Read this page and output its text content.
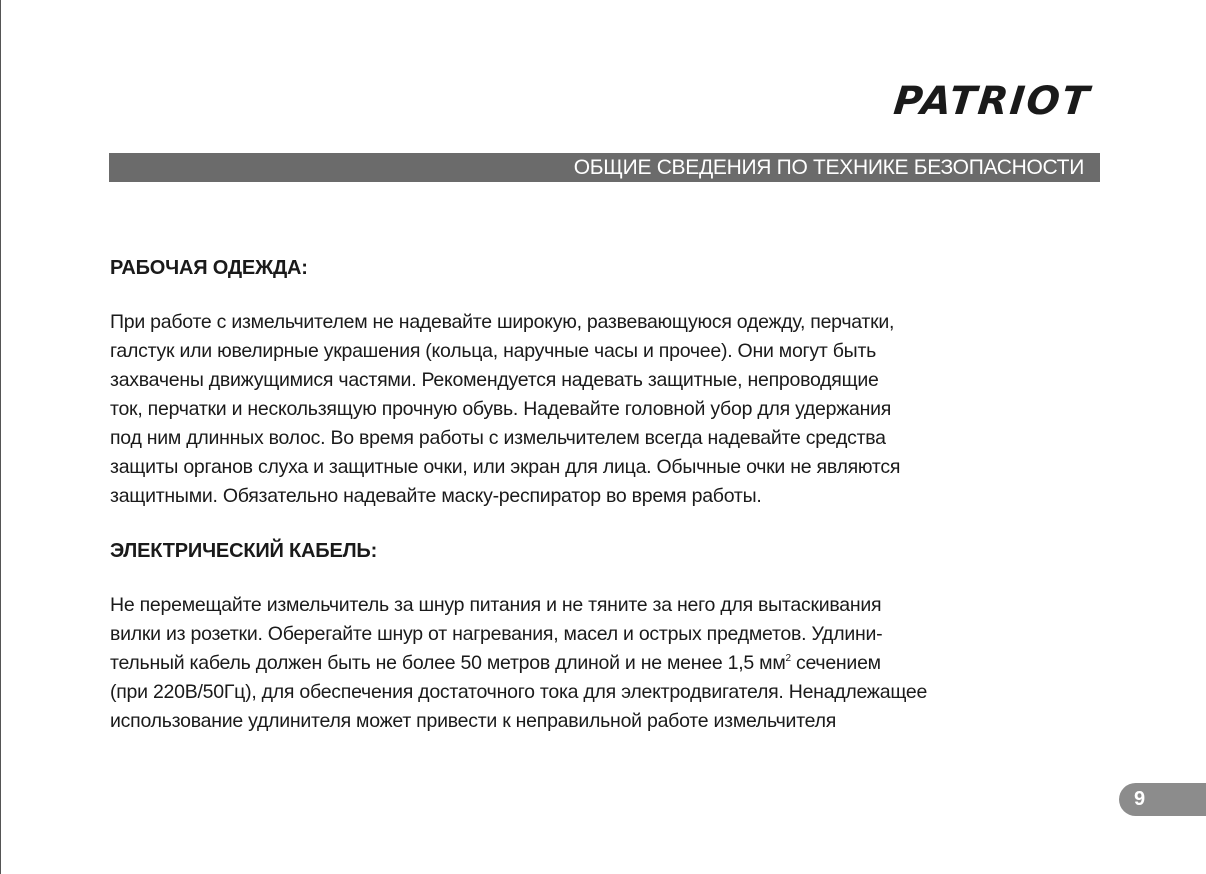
PATRIOT
ОБЩИЕ СВЕДЕНИЯ ПО ТЕХНИКЕ БЕЗОПАСНОСТИ

РАБОЧАЯ ОДЕЖДА:

При работе с измельчителем не надевайте широкую, развевающуюся одежду, перчатки,
галстук или ювелирные украшения (кольца, наручные часы и прочее). Они могут быть
захвачены движущимися частями. Рекомендуется надевать защитные, непроводящие
ток, перчатки и нескользящую прочную обувь. Надевайте головной убор для удержания
под ним длинных волос. Во время работы с измельчителем всегда надевайте средства
защиты органов слуха и защитные очки, или экран для лица. Обычные очки не являются
защитными. Обязательно надевайте маску-респиратор во время работы.

ЭЛЕКТРИЧЕСКИЙ КАБЕЛЬ:

Не перемещайте измельчитель за шнур питания и не тяните за него для вытаскивания
вилки из розетки. Оберегайте шнур от нагревания, масел и острых предметов. Удлини-
тельный кабель должен быть не более 50 метров длиной и не менее 1,5 $мм^2$ сечением
(при 220В/50Гц), для обеспечения достаточного тока для электродвигателя. Ненадлежащее
использование удлинителя может привести к неправильной работе измельчителя

9
